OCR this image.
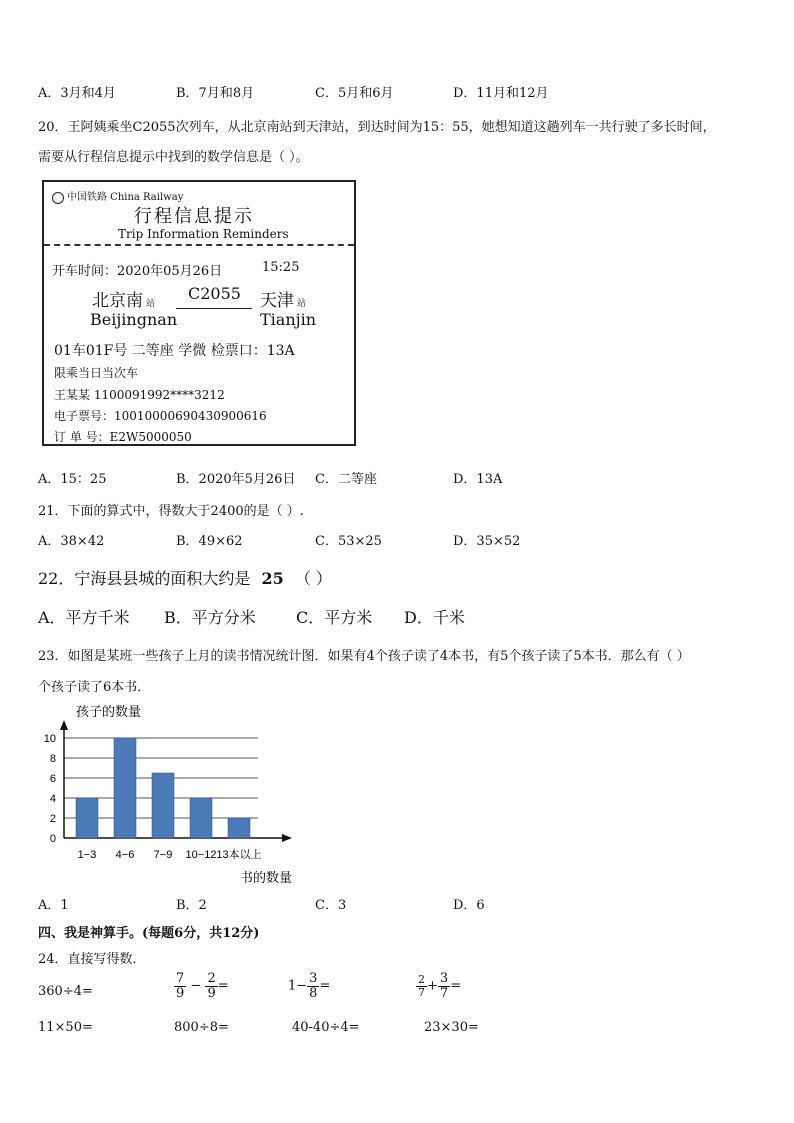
A．3月和4月	B．7月和8月	C．5月和6月	D．11月和12月
20．王阿姨乘坐C2055次列车，从北京南站到天津站，到达时间为15：55，她想知道这趟列车一共行驶了多长时间，
需要从行程信息提示中找到的数学信息是（ ）。
中国铁路 China Railway
行程信息提示
Trip Information Reminders
开车时间：2020年05月26日	15:25
北京南 站
C2055 天津 站
Beijingnan	Tianjin
01车01F号 二等座 学微 检票口：13A
限乘当日当次车
王某某 1100091992****3212
电子票号：10010000690430900616
订 单 号：E2W5000050
A．15：25	B．2020年5月26日 C．二等座	D．13A
21．下面的算式中，得数大于2400的是（ ）.
A．38×42	B．49×62	C．53×25	D．35×52
22．宁海县县城的面积大约是 25 （ ）
A．平方千米 B．平方分米	C．平方米 D．千米
23．如图是某班一些孩子上月的读书情况统计图．如果有4个孩子读了4本书，有5个孩子读了5本书．那么有（ ）
个孩子读了6本书．
0
2
4
6
8
10
1−3 4−6 7−9 10−12 13本以上
孩子的数量
书的数量
A．1	B．2	C．3	D．6
四、我是神算手。(每题6分，共12分)
24．直接写得数．
360÷4=	$\frac{7}{9} - \frac{2}{9}$ =	$1- \frac{3}{8}$ =	$\frac{2}{7} + \frac{3}{7}$ =
11×50=	800÷8=	40-40÷4=	23×30=
